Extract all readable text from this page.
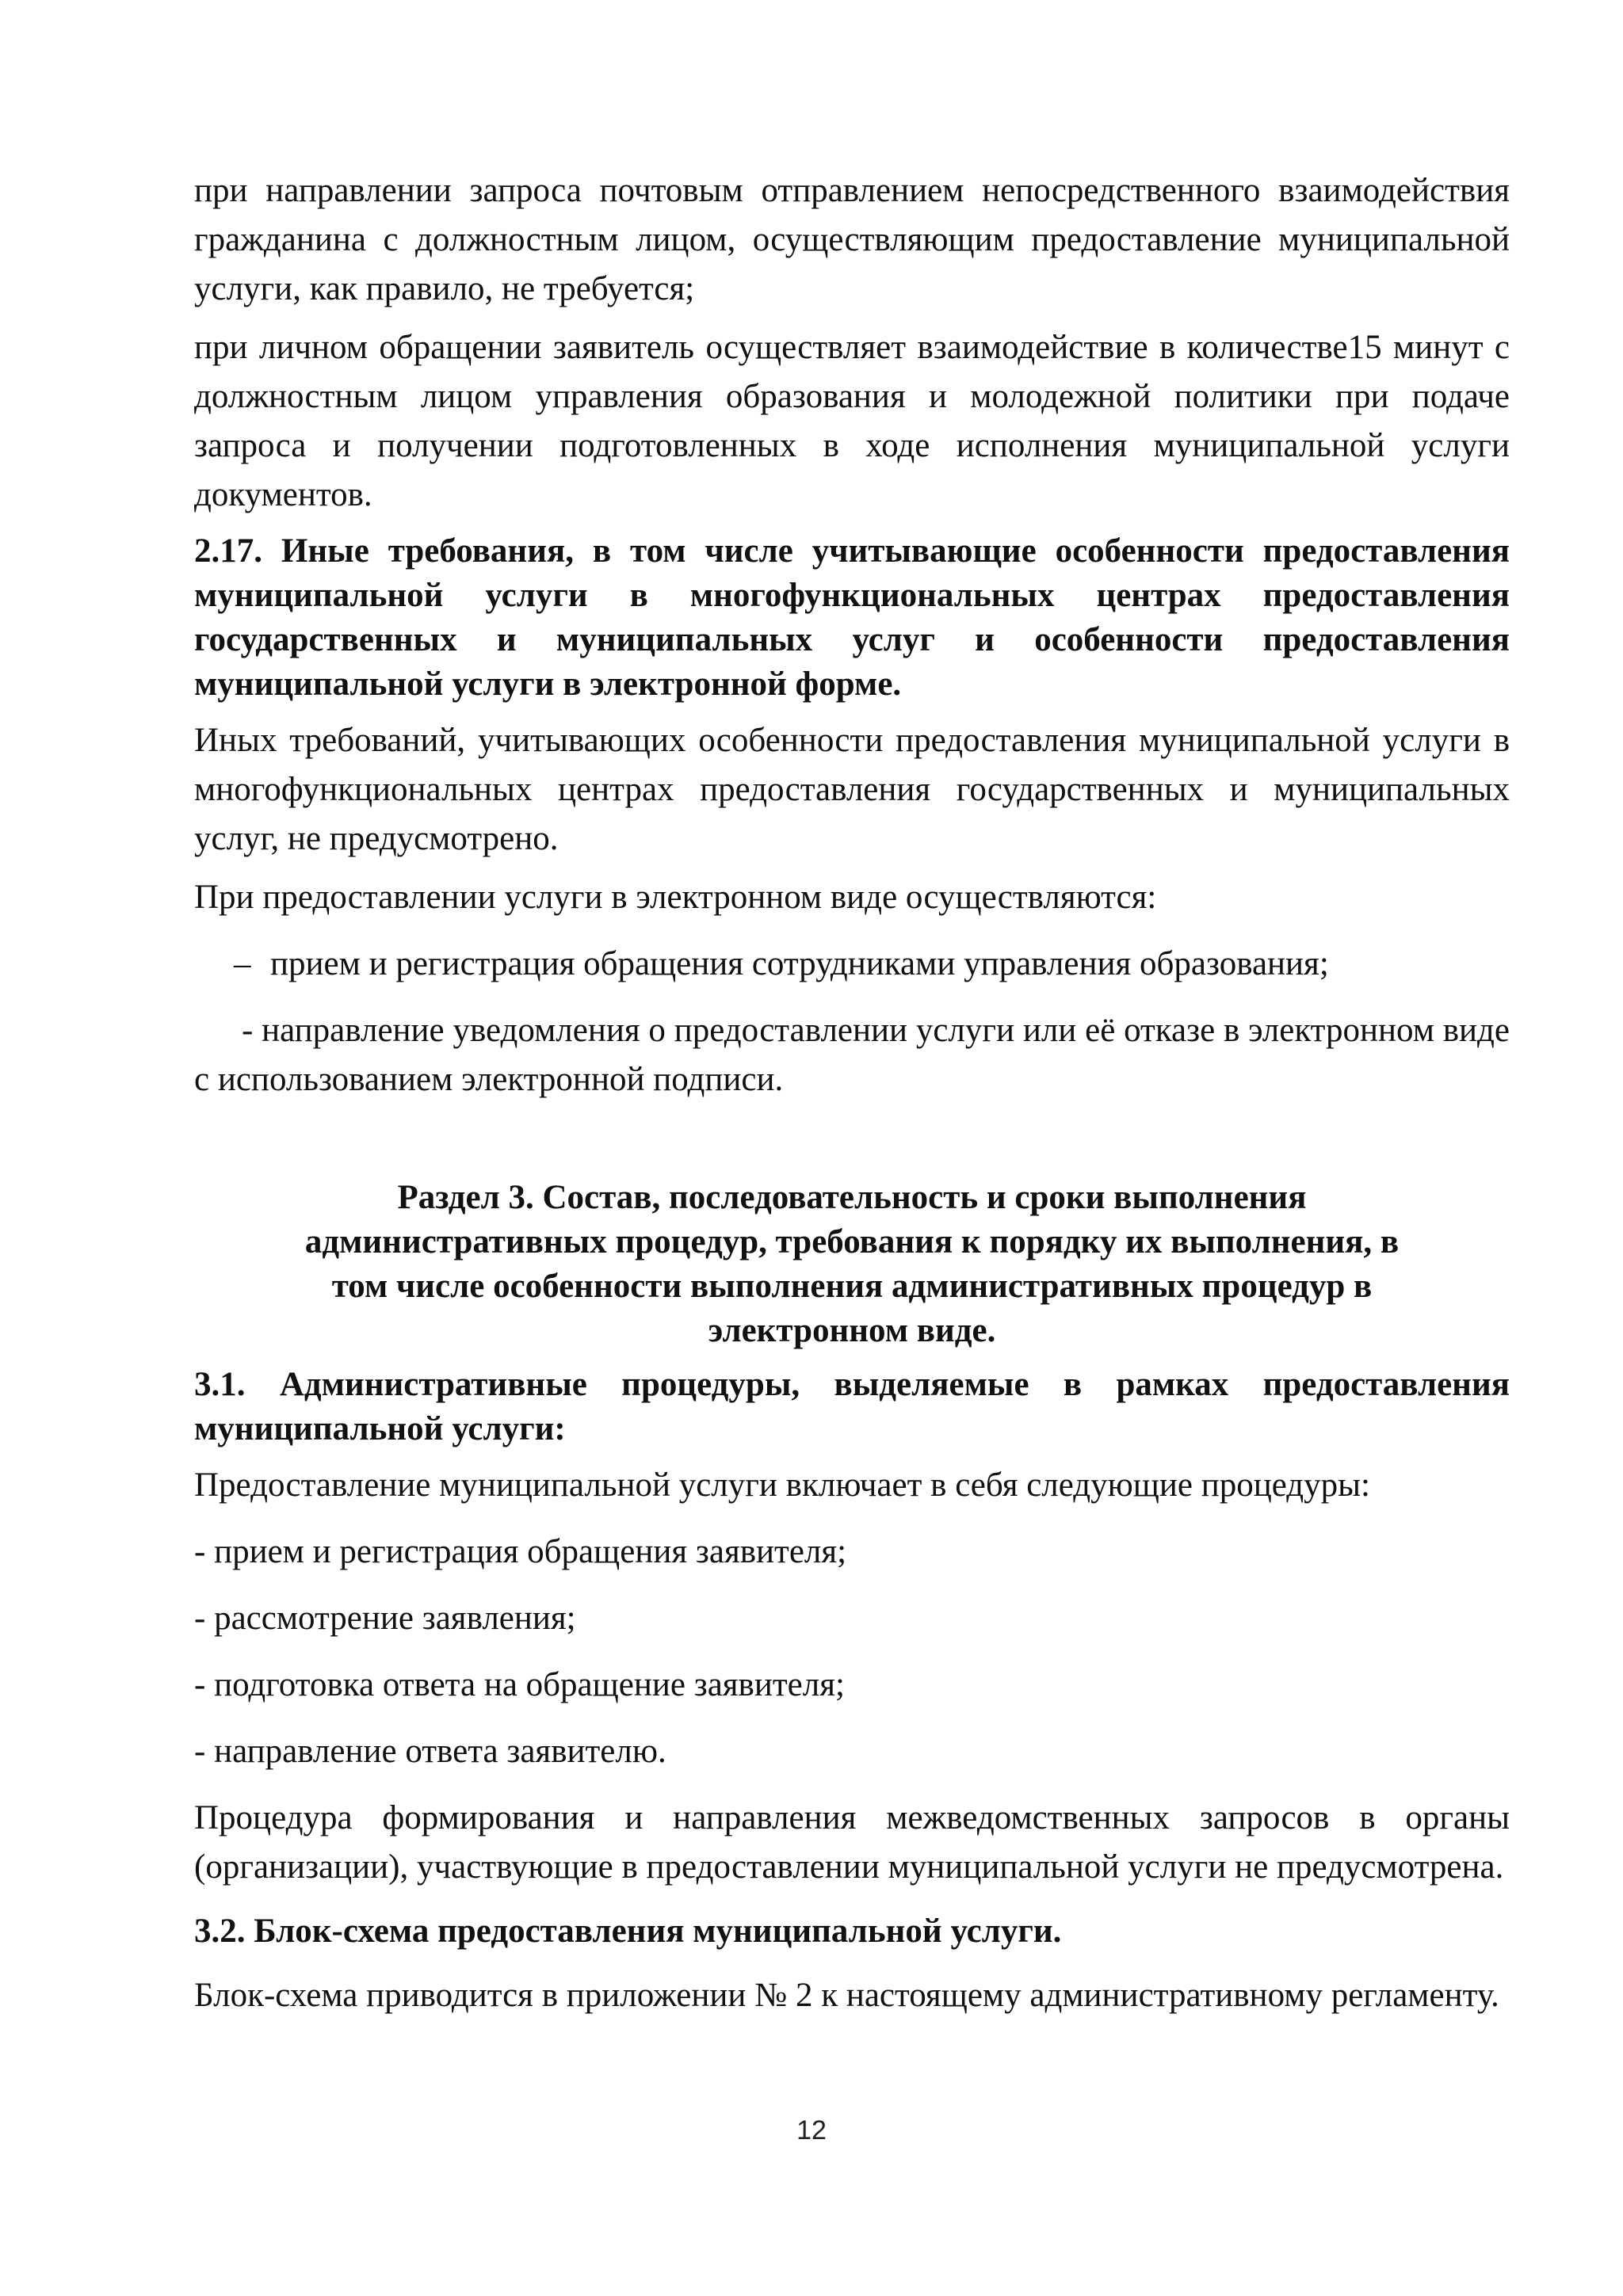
при направлении запроса почтовым отправлением непосредственного взаимодействия гражданина с должностным лицом, осуществляющим предоставление муниципальной услуги, как правило, не требуется;

при личном обращении заявитель осуществляет взаимодействие в количестве15 минут с должностным лицом управления образования и молодежной политики при подаче запроса и получении подготовленных в ходе исполнения муниципальной услуги документов.

2.17. Иные требования, в том числе учитывающие особенности предоставления муниципальной услуги в многофункциональных центрах предоставления государственных и муниципальных услуг и особенности предоставления муниципальной услуги в электронной форме.

Иных требований, учитывающих особенности предоставления муниципальной услуги в многофункциональных центрах предоставления государственных и муниципальных услуг, не предусмотрено.

При предоставлении услуги в электронном виде осуществляются:

– прием и регистрация обращения сотрудниками управления образования;

- направление уведомления о предоставлении услуги или её отказе в электронном виде с использованием электронной подписи.

Раздел 3. Состав, последовательность и сроки выполнения
административных процедур, требования к порядку их выполнения, в
том числе особенности выполнения административных процедур в
электронном виде.

3.1. Административные процедуры, выделяемые в рамках предоставления муниципальной услуги:

Предоставление муниципальной услуги включает в себя следующие процедуры:

- прием и регистрация обращения заявителя;

- рассмотрение заявления;

- подготовка ответа на обращение заявителя;

- направление ответа заявителю.

Процедура формирования и направления межведомственных запросов в органы (организации), участвующие в предоставлении муниципальной услуги не предусмотрена.

3.2. Блок-схема предоставления муниципальной услуги.

Блок-схема приводится в приложении № 2 к настоящему административному регламенту.

12
